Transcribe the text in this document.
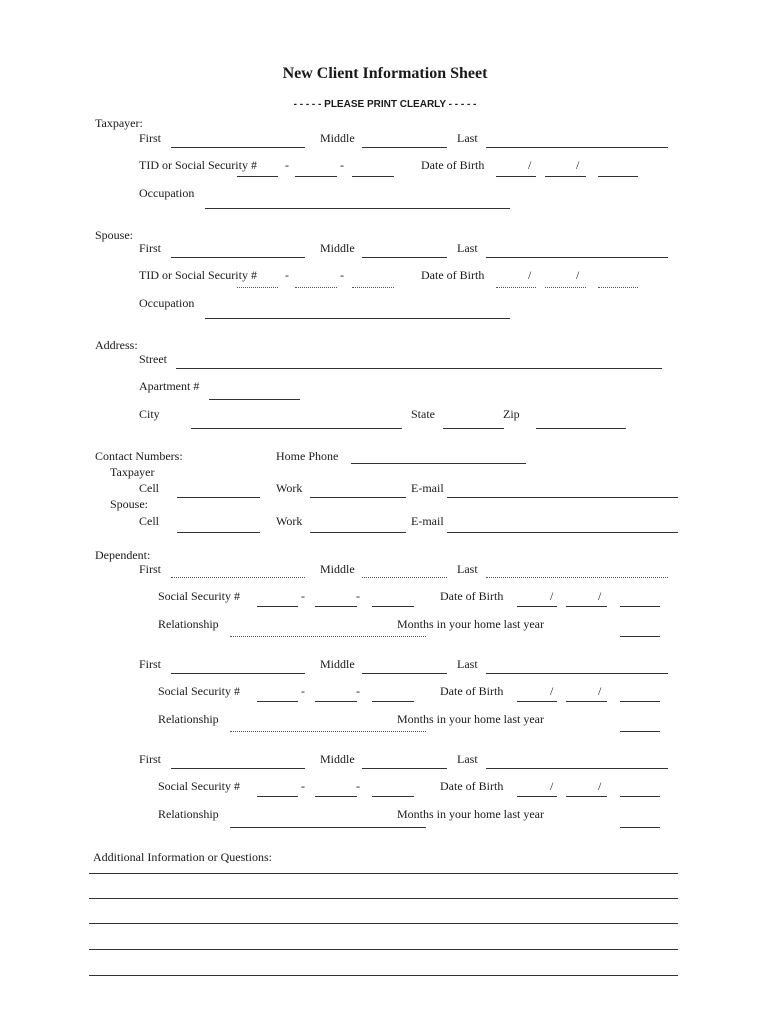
New Client Information Sheet
- - - - - PLEASE PRINT CLEARLY - - - - -
Taxpayer:
First	Middle	Last
TID or Social Security # -	-	Date of Birth	/	/
Occupation
Spouse:
First	Middle	Last
TID or Social Security # -	-	Date of Birth	/	/
Occupation
Address:
Street
Apartment #
City	State	Zip
Contact Numbers:	Home Phone
Taxpayer
Cell	Work	E-mail
Spouse:
Cell	Work	E-mail
Dependent:
First	Middle	Last
Social Security #	-	-	Date of Birth	/	/
Relationship	Months in your home last year
First	Middle	Last
Social Security #	-	-	Date of Birth	/	/
Relationship	Months in your home last year
First	Middle	Last
Social Security #	-	-	Date of Birth	/	/
Relationship	Months in your home last year
Additional Information or Questions:
